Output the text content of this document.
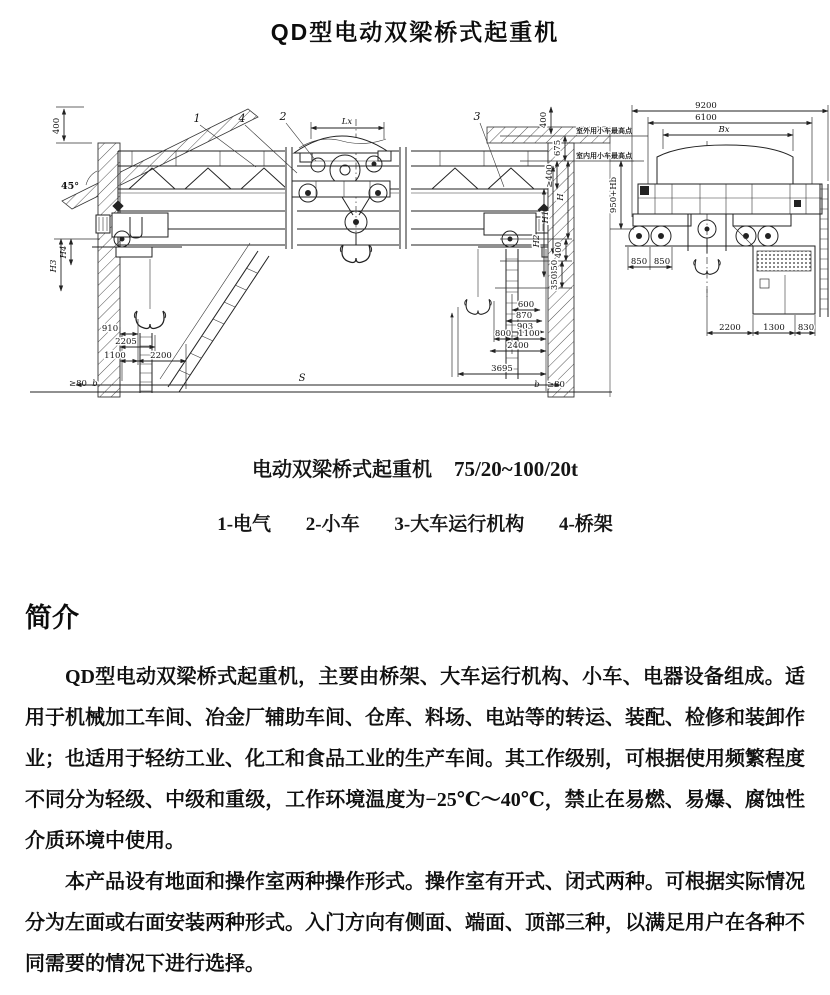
QD型电动双梁桥式起重机
45°
400	Lx
H4
H3
室外用小车最高点
室内用小车最高点
400
675
≥400
H
H1
H2
400
350
350
600
870
903
800 1100
2400
3695
b ≥80
910
2205
1100	2200
≥80 b	S
1	4	2	3
9200
6100
Bx
850 850
950+Hb
2200	1300 830
电动双梁桥式起重机 75/20~100/20t
1-电气 2-小车 3-大车运行机构 4-桥架
简介

QD型电动双梁桥式起重机，主要由桥架、大车运行机构、小车、电器设备组成。适用于机械加工车间、冶金厂辅助车间、仓库、料场、电站等的转运、装配、检修和装卸作业；也适用于轻纺工业、化工和食品工业的生产车间。其工作级别，可根据使用频繁程度不同分为轻级、中级和重级，工作环境温度为−25℃～40℃，禁止在易燃、易爆、腐蚀性介质环境中使用。

本产品设有地面和操作室两种操作形式。操作室有开式、闭式两种。可根据实际情况分为左面或右面安装两种形式。入门方向有侧面、端面、顶部三种，以满足用户在各种不同需要的情况下进行选择。
